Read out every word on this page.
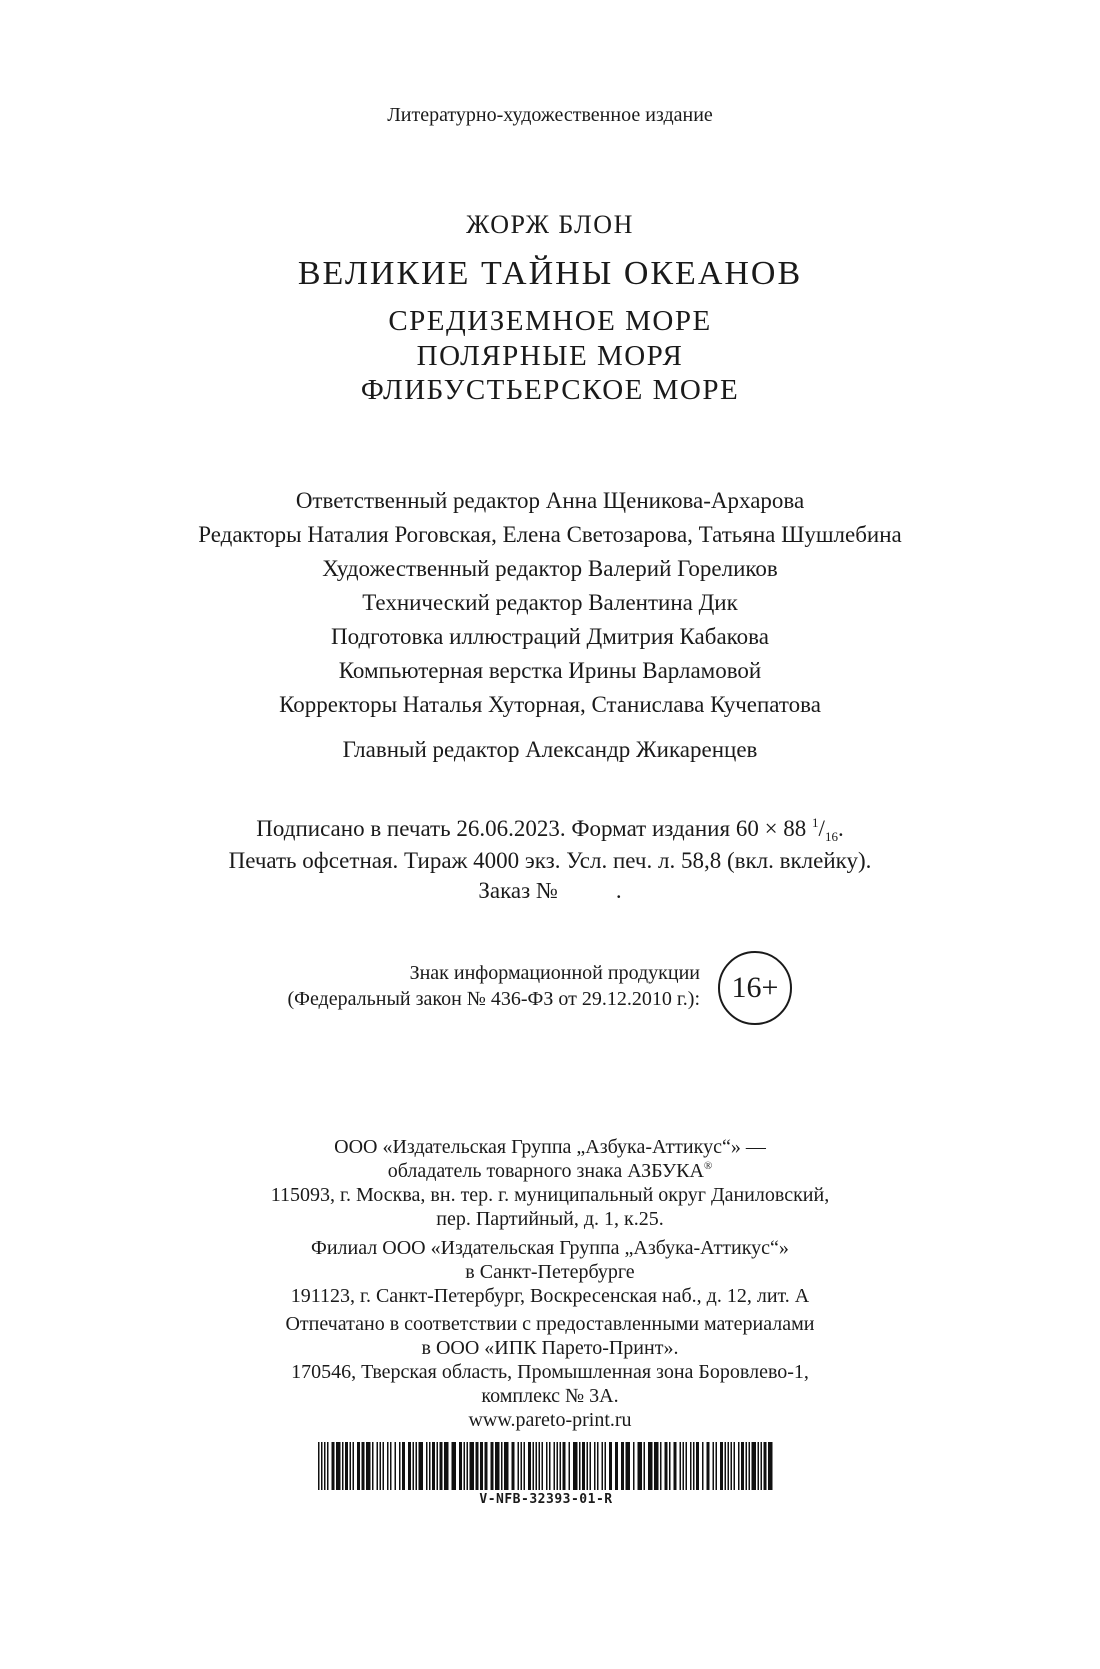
Литературно-художественное издание
ЖОРЖ БЛОН
ВЕЛИКИЕ ТАЙНЫ ОКЕАНОВ
СРЕДИЗЕМНОЕ МОРЕ
ПОЛЯРНЫЕ МОРЯ
ФЛИБУСТЬЕРСКОЕ МОРЕ
Ответственный редактор Анна Щеникова-Архарова
Редакторы Наталия Роговская, Елена Светозарова, Татьяна Шушлебина
Художественный редактор Валерий Гореликов
Технический редактор Валентина Дик
Подготовка иллюстраций Дмитрия Кабакова
Компьютерная верстка Ирины Варламовой
Корректоры Наталья Хуторная, Станислава Кучепатова
Главный редактор Александр Жикаренцев
Подписано в печать 26.06.2023. Формат издания 60 × 88 $^1/_{16}$.
Печать офсетная. Тираж 4000 экз. Усл. печ. л. 58,8 (вкл. вклейку).
Заказ №	.
Знак информационной продукции
(Федеральный закон № 436-ФЗ от 29.12.2010 г.):	16+
ООО «Издательская Группа „Азбука-Аттикус“» —
обладатель товарного знака АЗБУКА®
115093, г. Москва, вн. тер. г. муниципальный округ Даниловский,
пер. Партийный, д. 1, к.25.
Филиал ООО «Издательская Группа „Азбука-Аттикус“»
в Санкт-Петербурге
191123, г. Санкт-Петербург, Воскресенская наб., д. 12, лит. А
Отпечатано в соответствии с предоставленными материалами
в ООО «ИПК Парето-Принт».
170546, Тверская область, Промышленная зона Боровлево-1,
комплекс № 3А.
www.pareto-print.ru
V-NFB-32393-01-R
